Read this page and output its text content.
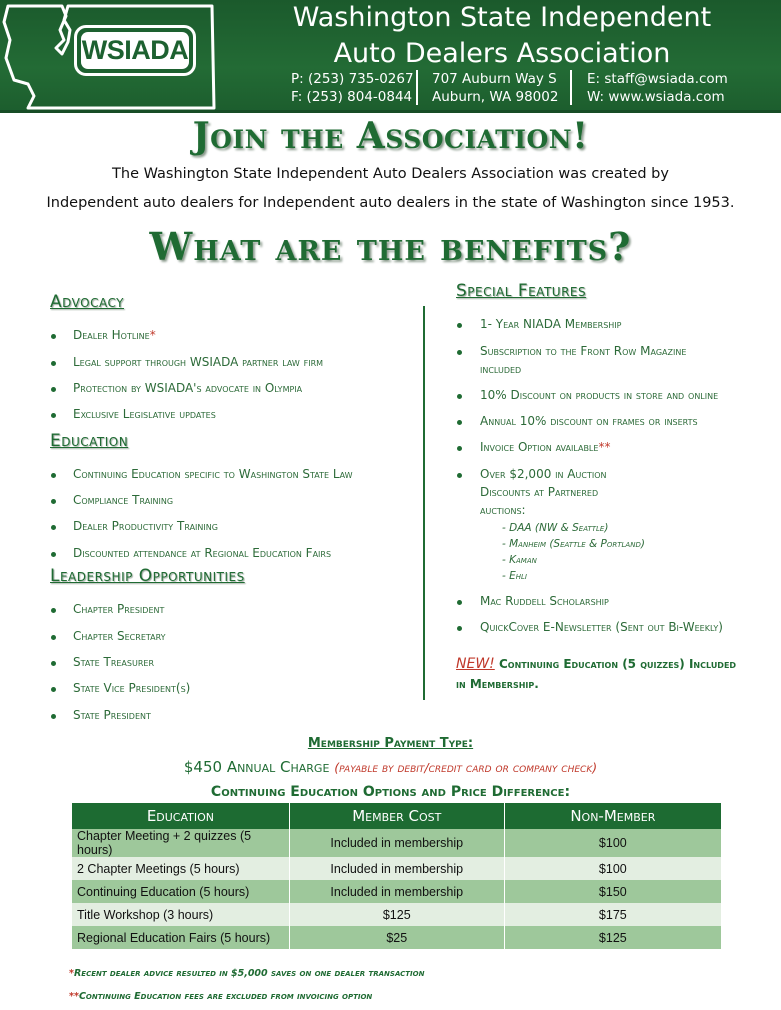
WSIADA
Washington State Independent
Auto Dealers Association
P: (253) 735-0267
F: (253) 804-0844
707 Auburn Way S
Auburn, WA 98002
E: staff@wsiada.com
W: www.wsiada.com
Join the Association!
The Washington State Independent Auto Dealers Association was created by
Independent auto dealers for Independent auto dealers in the state of Washington since 1953.
What are the benefits?
Advocacy
Dealer Hotline*
Legal support through WSIADA partner law firm
Protection by WSIADA's advocate in Olympia
Exclusive Legislative updates
Education
Continuing Education specific to Washington State Law
Compliance Training
Dealer Productivity Training
Discounted attendance at Regional Education Fairs
Leadership Opportunities
Chapter President
Chapter Secretary
State Treasurer
State Vice President(s)
State President
Special Features
1- Year NIADA Membership
Subscription to the Front Row Magazine
included
10% Discount on products in store and online
Annual 10% discount on frames or inserts
Invoice Option available**
Over $2,000 in Auction
Discounts at Partnered
auctions:
- DAA (NW & Seattle)
- Manheim (Seattle & Portland)
- Kaman
- Ehli
Mac Ruddell Scholarship
QuickCover E-Newsletter (Sent out Bi-Weekly)
NEW! Continuing Education (5 quizzes) Included
in Membership.
Membership Payment Type:
$450 Annual Charge (payable by debit/credit card or company check)
Continuing Education Options and Price Difference:
Education	Member Cost	Non-Member
Chapter Meeting + 2 quizzes (5 hours)	Included in membership	$100
2 Chapter Meetings (5 hours)	Included in membership	$100
Continuing Education (5 hours)	Included in membership	$150
Title Workshop (3 hours)	$125	$175
Regional Education Fairs (5 hours)	$25	$125
*Recent dealer advice resulted in $5,000 saves on one dealer transaction
**Continuing Education fees are excluded from invoicing option
